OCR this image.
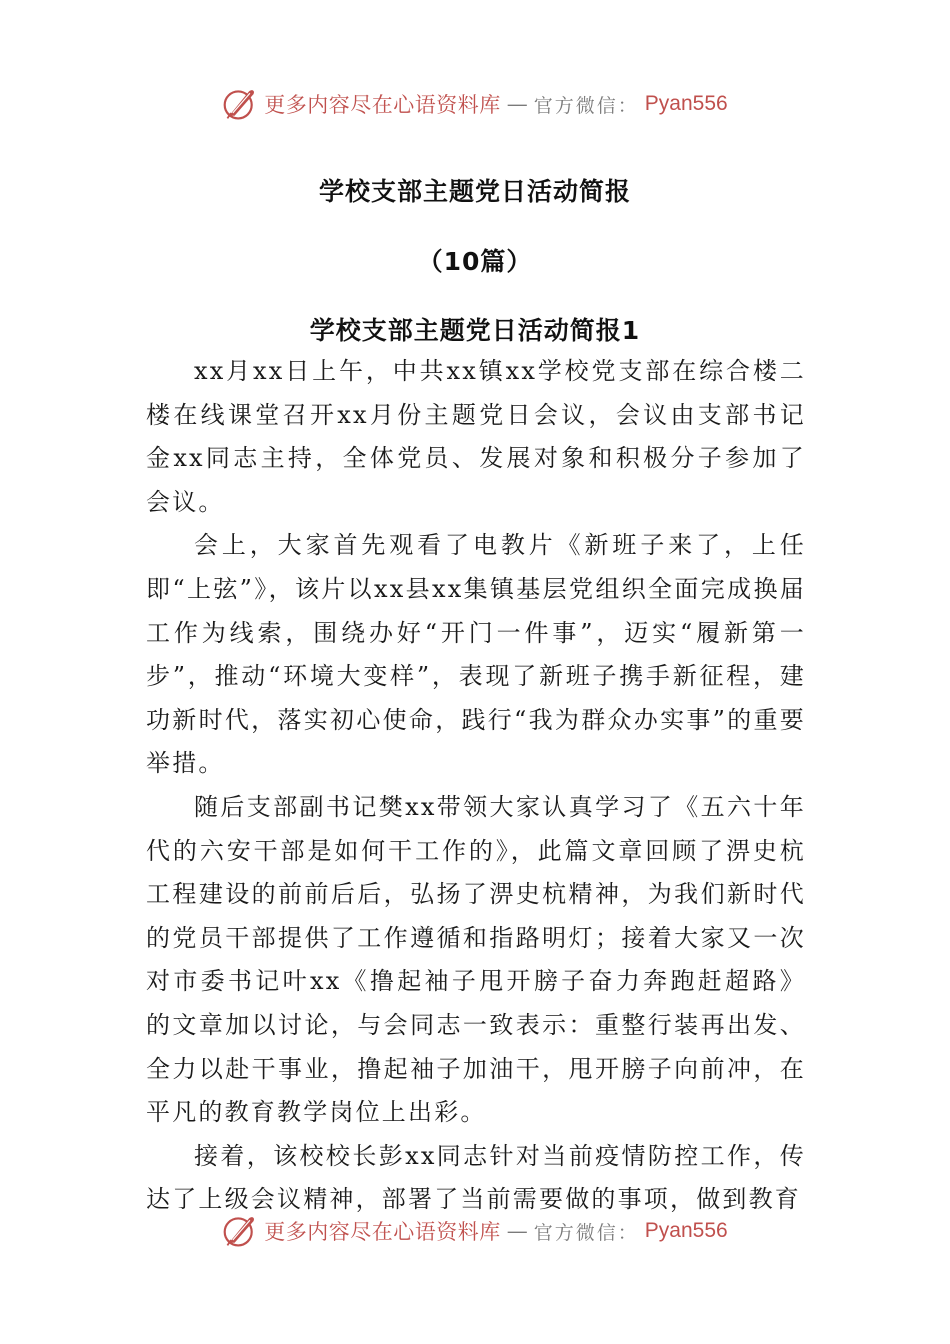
更多内容尽在心语资料库 — 官方微信： Pyan556
学校支部主题党日活动简报
（10篇）
学校支部主题党日活动简报1

xx月xx日上午，中共xx镇xx学校党支部在综合楼二楼在线课堂召开xx月份主题党日会议，会议由支部书记金xx同志主持，全体党员、发展对象和积极分子参加了会议。

会上，大家首先观看了电教片《新班子来了，上任即“上弦”》，该片以xx县xx集镇基层党组织全面完成换届工作为线索，围绕办好“开门一件事”，迈实“履新第一步”，推动“环境大变样”，表现了新班子携手新征程，建功新时代，落实初心使命，践行“我为群众办实事”的重要举措。

随后支部副书记樊xx带领大家认真学习了《五六十年代的六安干部是如何干工作的》，此篇文章回顾了淠史杭工程建设的前前后后，弘扬了淠史杭精神，为我们新时代的党员干部提供了工作遵循和指路明灯；接着大家又一次对市委书记叶xx《撸起袖子甩开膀子奋力奔跑赶超路》的文章加以讨论，与会同志一致表示：重整行装再出发、全力以赴干事业，撸起袖子加油干，甩开膀子向前冲，在平凡的教育教学岗位上出彩。

接着，该校校长彭xx同志针对当前疫情防控工作，传达了上级会议精神，部署了当前需要做的事项，做到教育

更多内容尽在心语资料库 — 官方微信： Pyan556
